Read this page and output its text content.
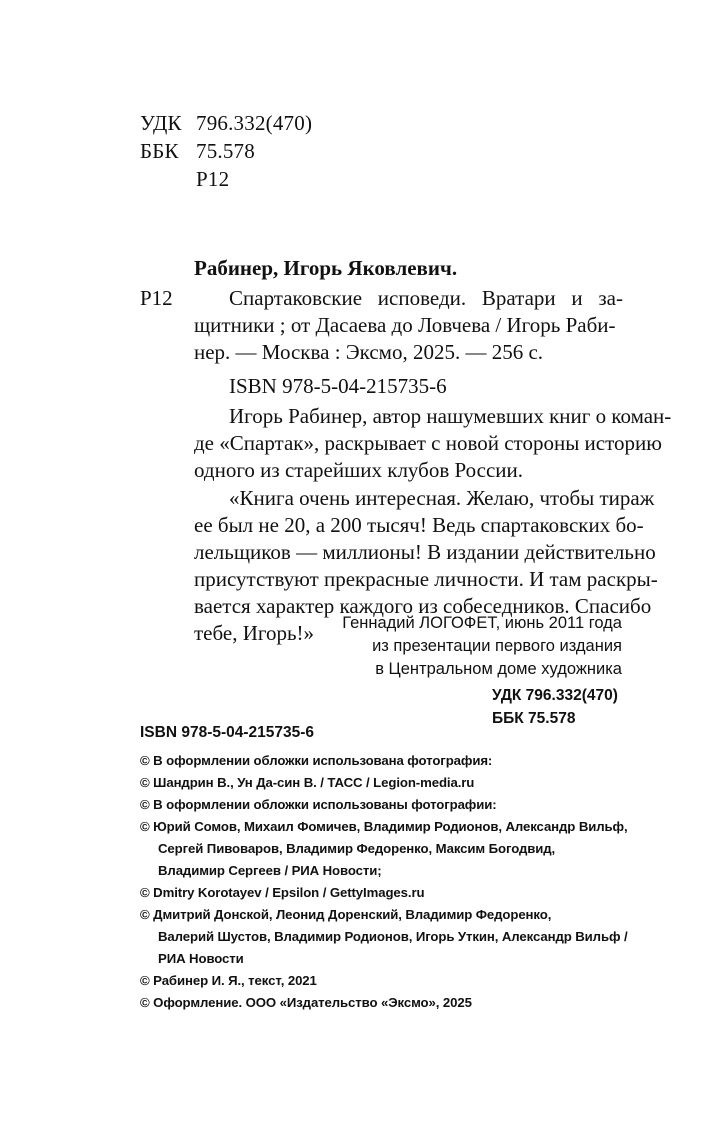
УДК 796.332(470)
ББК 75.578
Р12
Рабинер, Игорь Яковлевич.
Р12	Спартаковские исповеди. Вратари и за-
щитники ; от Дасаева до Ловчева / Игорь Раби-
нер. — Москва : Эксмо, 2025. — 256 с.
ISBN 978-5-04-215735-6
Игорь Рабинер, автор нашумевших книг о коман-
де «Спартак», раскрывает с новой стороны историю
одного из старейших клубов России.
«Книга очень интересная. Желаю, чтобы тираж
ее был не 20, а 200 тысяч! Ведь спартаковских бо-
лельщиков — миллионы! В издании действительно
присутствуют прекрасные личности. И там раскры-
вается характер каждого из собеседников. Спасибо
тебе, Игорь!» Геннадий ЛОГОФЕТ, июнь 2011 года
из презентации первого издания
в Центральном доме художника
УДК 796.332(470)
ББК 75.578
ISBN 978-5-04-215735-6
© В оформлении обложки использована фотография:
© Шандрин В., Ун Да-син В. / ТАСС / Legion-media.ru
© В оформлении обложки использованы фотографии:
© Юрий Сомов, Михаил Фомичев, Владимир Родионов, Александр Вильф,
Сергей Пивоваров, Владимир Федоренко, Максим Богодвид,
Владимир Сергеев / РИА Новости;
© Dmitry Korotayev / Epsilon / GettyImages.ru
© Дмитрий Донской, Леонид Доренский, Владимир Федоренко,
Валерий Шустов, Владимир Родионов, Игорь Уткин, Александр Вильф /
РИА Новости
© Рабинер И. Я., текст, 2021
© Оформление. ООО «Издательство «Эксмо», 2025
